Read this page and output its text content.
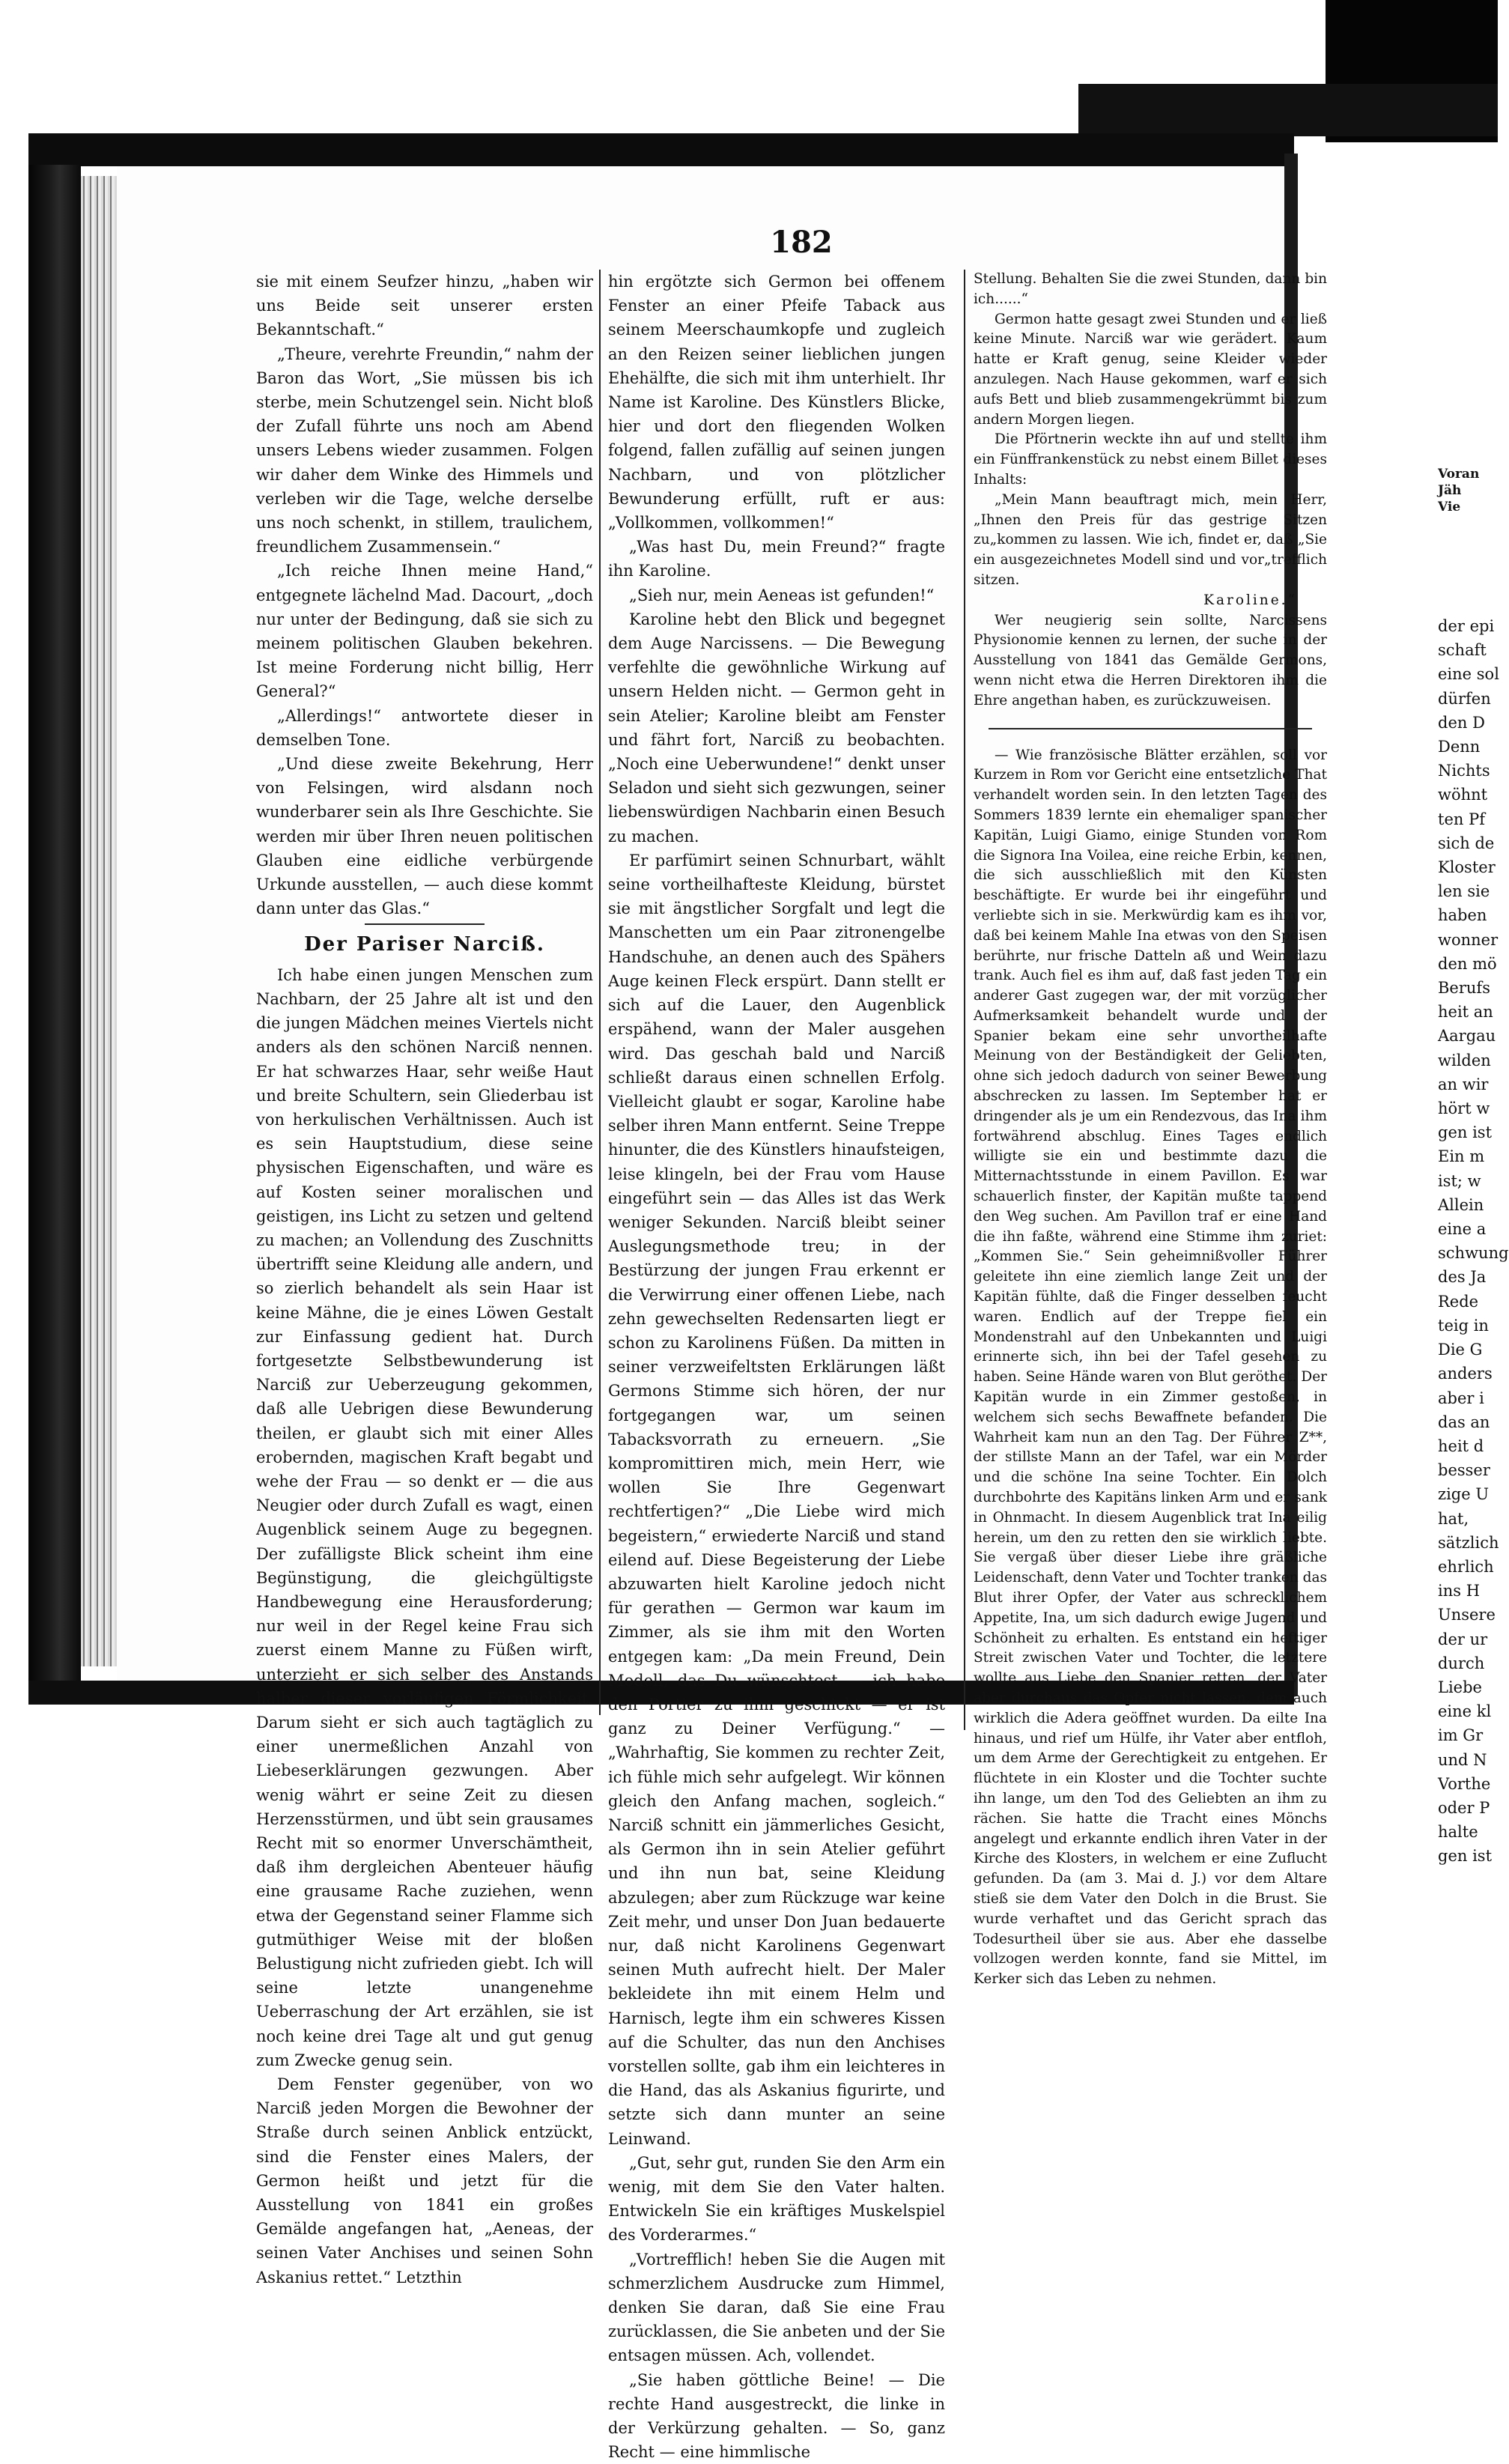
182

sie mit einem Seufzer hinzu, „haben wir uns Beide seit unserer ersten Bekanntschaft.“

„Theure, verehrte Freundin,“ nahm der Baron das Wort, „Sie müssen bis ich sterbe, mein Schutzengel sein. Nicht bloß der Zufall führte uns noch am Abend unsers Lebens wieder zusammen. Folgen wir daher dem Winke des Himmels und verleben wir die Tage, welche derselbe uns noch schenkt, in stillem, traulichem, freundlichem Zusammensein.“

„Ich reiche Ihnen meine Hand,“ entgegnete lächelnd Mad. Dacourt, „doch nur unter der Bedingung, daß sie sich zu meinem politischen Glauben bekehren. Ist meine Forderung nicht billig, Herr General?“

„Allerdings!“ antwortete dieser in demselben Tone.

„Und diese zweite Bekehrung, Herr von Felsingen, wird alsdann noch wunderbarer sein als Ihre Geschichte. Sie werden mir über Ihren neuen politischen Glauben eine eidliche verbürgende Urkunde ausstellen, — auch diese kommt dann unter das Glas.“

Der Pariser Narciß.

Ich habe einen jungen Menschen zum Nachbarn, der 25 Jahre alt ist und den die jungen Mädchen meines Viertels nicht anders als den schönen Narciß nennen. Er hat schwarzes Haar, sehr weiße Haut und breite Schultern, sein Gliederbau ist von herkulischen Verhältnissen. Auch ist es sein Hauptstudium, diese seine physischen Eigenschaften, und wäre es auf Kosten seiner moralischen und geistigen, ins Licht zu setzen und geltend zu machen; an Vollendung des Zuschnitts übertrifft seine Kleidung alle andern, und so zierlich behandelt als sein Haar ist keine Mähne, die je eines Löwen Gestalt zur Einfassung gedient hat. Durch fortgesetzte Selbstbewunderung ist Narciß zur Ueberzeugung gekommen, daß alle Uebrigen diese Bewunderung theilen, er glaubt sich mit einer Alles erobernden, magischen Kraft begabt und wehe der Frau — so denkt er — die aus Neugier oder durch Zufall es wagt, einen Augenblick seinem Auge zu begegnen. Der zufälligste Blick scheint ihm eine Begünstigung, die gleichgültigste Handbewegung eine Herausforderung; nur weil in der Regel keine Frau sich zuerst einem Manne zu Füßen wirft, unterzieht er sich selber des Anstands halber dieser vorläufigen Förmlichkeit. Darum sieht er sich auch tagtäglich zu einer unermeßlichen Anzahl von Liebeserklärungen gezwungen. Aber wenig währt er seine Zeit zu diesen Herzensstürmen, und übt sein grausames Recht mit so enormer Unverschämtheit, daß ihm dergleichen Abenteuer häufig eine grausame Rache zuziehen, wenn etwa der Gegenstand seiner Flamme sich gutmüthiger Weise mit der bloßen Belustigung nicht zufrieden giebt. Ich will seine letzte unangenehme Ueberraschung der Art erzählen, sie ist noch keine drei Tage alt und gut genug zum Zwecke genug sein.

Dem Fenster gegenüber, von wo Narciß jeden Morgen die Bewohner der Straße durch seinen Anblick entzückt, sind die Fenster eines Malers, der Germon heißt und jetzt für die Ausstellung von 1841 ein großes Gemälde angefangen hat, „Aeneas, der seinen Vater Anchises und seinen Sohn Askanius rettet.“ Letzthin

hin ergötzte sich Germon bei offenem Fenster an einer Pfeife Taback aus seinem Meerschaumkopfe und zugleich an den Reizen seiner lieblichen jungen Ehehälfte, die sich mit ihm unterhielt. Ihr Name ist Karoline. Des Künstlers Blicke, hier und dort den fliegenden Wolken folgend, fallen zufällig auf seinen jungen Nachbarn, und von plötzlicher Bewunderung erfüllt, ruft er aus: „Vollkommen, vollkommen!“

„Was hast Du, mein Freund?“ fragte ihn Karoline.

„Sieh nur, mein Aeneas ist gefunden!“

Karoline hebt den Blick und begegnet dem Auge Narcissens. — Die Bewegung verfehlte die gewöhnliche Wirkung auf unsern Helden nicht. — Germon geht in sein Atelier; Karoline bleibt am Fenster und fährt fort, Narciß zu beobachten. „Noch eine Ueberwundene!“ denkt unser Seladon und sieht sich gezwungen, seiner liebenswürdigen Nachbarin einen Besuch zu machen.

Er parfümirt seinen Schnurbart, wählt seine vortheilhafteste Kleidung, bürstet sie mit ängstlicher Sorgfalt und legt die Manschetten um ein Paar zitronengelbe Handschuhe, an denen auch des Spähers Auge keinen Fleck erspürt. Dann stellt er sich auf die Lauer, den Augenblick erspähend, wann der Maler ausgehen wird. Das geschah bald und Narciß schließt daraus einen schnellen Erfolg. Vielleicht glaubt er sogar, Karoline habe selber ihren Mann entfernt. Seine Treppe hinunter, die des Künstlers hinaufsteigen, leise klingeln, bei der Frau vom Hause eingeführt sein — das Alles ist das Werk weniger Sekunden. Narciß bleibt seiner Auslegungsmethode treu; in der Bestürzung der jungen Frau erkennt er die Verwirrung einer offenen Liebe, nach zehn gewechselten Redensarten liegt er schon zu Karolinens Füßen. Da mitten in seiner verzweifeltsten Erklärungen läßt Germons Stimme sich hören, der nur fortgegangen war, um seinen Tabacksvorrath zu erneuern. „Sie kompromittiren mich, mein Herr, wie wollen Sie Ihre Gegenwart rechtfertigen?“ „Die Liebe wird mich begeistern,“ erwiederte Narciß und stand eilend auf. Diese Begeisterung der Liebe abzuwarten hielt Karoline jedoch nicht für gerathen — Germon war kaum im Zimmer, als sie ihm mit den Worten entgegen kam: „Da mein Freund, Dein Modell, das Du wünschtest — ich habe den Portier zu ihm geschickt — er ist ganz zu Deiner Verfügung.“ — „Wahrhaftig, Sie kommen zu rechter Zeit, ich fühle mich sehr aufgelegt. Wir können gleich den Anfang machen, sogleich.“ Narciß schnitt ein jämmerliches Gesicht, als Germon ihn in sein Atelier geführt und ihn nun bat, seine Kleidung abzulegen; aber zum Rückzuge war keine Zeit mehr, und unser Don Juan bedauerte nur, daß nicht Karolinens Gegenwart seinen Muth aufrecht hielt. Der Maler bekleidete ihn mit einem Helm und Harnisch, legte ihm ein schweres Kissen auf die Schulter, das nun den Anchises vorstellen sollte, gab ihm ein leichteres in die Hand, das als Askanius figurirte, und setzte sich dann munter an seine Leinwand.

„Gut, sehr gut, runden Sie den Arm ein wenig, mit dem Sie den Vater halten. Entwickeln Sie ein kräftiges Muskelspiel des Vorderarmes.“

„Vortrefflich! heben Sie die Augen mit schmerzlichem Ausdrucke zum Himmel, denken Sie daran, daß Sie eine Frau zurücklassen, die Sie anbeten und der Sie entsagen müssen. Ach, vollendet.

„Sie haben göttliche Beine! — Die rechte Hand ausgestreckt, die linke in der Verkürzung gehalten. — So, ganz Recht — eine himmlische

Stellung. Behalten Sie die zwei Stunden, dann bin ich......“

Germon hatte gesagt zwei Stunden und er ließ keine Minute. Narciß war wie gerädert. Kaum hatte er Kraft genug, seine Kleider wieder anzulegen. Nach Hause gekommen, warf er sich aufs Bett und blieb zusammengekrümmt bis zum andern Morgen liegen.

Die Pförtnerin weckte ihn auf und stellte ihm ein Fünffrankenstück zu nebst einem Billet dieses Inhalts:

„Mein Mann beauftragt mich, mein Herr, „Ihnen den Preis für das gestrige Sitzen zu„kommen zu lassen. Wie ich, findet er, daß „Sie ein ausgezeichnetes Modell sind und vor„trefflich sitzen.

Karoline.“

Wer neugierig sein sollte, Narcissens Physionomie kennen zu lernen, der suche in der Ausstellung von 1841 das Gemälde Germons, wenn nicht etwa die Herren Direktoren ihm die Ehre angethan haben, es zurückzuweisen.

— Wie französische Blätter erzählen, soll vor Kurzem in Rom vor Gericht eine entsetzliche That verhandelt worden sein. In den letzten Tagen des Sommers 1839 lernte ein ehemaliger spanischer Kapitän, Luigi Giamo, einige Stunden von Rom die Signora Ina Voilea, eine reiche Erbin, kennen, die sich ausschließlich mit den Künsten beschäftigte. Er wurde bei ihr eingeführt und verliebte sich in sie. Merkwürdig kam es ihm vor, daß bei keinem Mahle Ina etwas von den Speisen berührte, nur frische Datteln aß und Wein dazu trank. Auch fiel es ihm auf, daß fast jeden Tag ein anderer Gast zugegen war, der mit vorzüglicher Aufmerksamkeit behandelt wurde und der Spanier bekam eine sehr unvortheilhafte Meinung von der Beständigkeit der Geliebten, ohne sich jedoch dadurch von seiner Bewerbung abschrecken zu lassen. Im September hat er dringender als je um ein Rendezvous, das Ina ihm fortwährend abschlug. Eines Tages endlich willigte sie ein und bestimmte dazu die Mitternachtsstunde in einem Pavillon. Es war schauerlich finster, der Kapitän mußte tappend den Weg suchen. Am Pavillon traf er eine Hand die ihn faßte, während eine Stimme ihm zuriet: „Kommen Sie.“ Sein geheimnißvoller Führer geleitete ihn eine ziemlich lange Zeit und der Kapitän fühlte, daß die Finger desselben feucht waren. Endlich auf der Treppe fiel ein Mondenstrahl auf den Unbekannten und Luigi erinnerte sich, ihn bei der Tafel gesehen zu haben. Seine Hände waren von Blut geröthet. Der Kapitän wurde in ein Zimmer gestoßen, in welchem sich sechs Bewaffnete befanden. Die Wahrheit kam nun an den Tag. Der Führer Z**, der stillste Mann an der Tafel, war ein Mörder und die schöne Ina seine Tochter. Ein Dolch durchbohrte des Kapitäns linken Arm und er sank in Ohnmacht. In diesem Augenblick trat Ina eilig herein, um den zu retten den sie wirklich liebte. Sie vergaß über dieser Liebe ihre gräßliche Leidenschaft, denn Vater und Tochter tranken das Blut ihrer Opfer, der Vater aus schrecklichem Appetite, Ina, um sich dadurch ewige Jugend und Schönheit zu erhalten. Es entstand ein heftiger Streit zwischen Vater und Tochter, die letztere wollte aus Liebe den Spanier retten, der Vater aber durchaus das Opfer nicht lassen, dem auch wirklich die Adera geöffnet wurden. Da eilte Ina hinaus, und rief um Hülfe, ihr Vater aber entfloh, um dem Arme der Gerechtigkeit zu entgehen. Er flüchtete in ein Kloster und die Tochter suchte ihn lange, um den Tod des Geliebten an ihm zu rächen. Sie hatte die Tracht eines Mönchs angelegt und erkannte endlich ihren Vater in der Kirche des Klosters, in welchem er eine Zuflucht gefunden. Da (am 3. Mai d. J.) vor dem Altare stieß sie dem Vater den Dolch in die Brust. Sie wurde verhaftet und das Gericht sprach das Todesurtheil über sie aus. Aber ehe dasselbe vollzogen werden konnte, fand sie Mittel, im Kerker sich das Leben zu nehmen.

Voran
Jäh
Vie
der epi
schaft
eine sol
dürfen
den D
Denn
Nichts
wöhnt
ten Pf
sich de
Kloster
len sie
haben
wonner
den mö
Berufs
heit an
Aargau
wilden
an wir
hört w
gen ist
Ein m
ist; w
Allein
eine a
schwung
des Ja
Rede
teig in
Die G
anders
aber i
das an
heit d
besser
zige U
hat,
sätzlich
ehrlich
ins H
Unsere
der ur
durch
Liebe
eine kl
im Gr
und N
Vorthe
oder P
halte
gen ist
